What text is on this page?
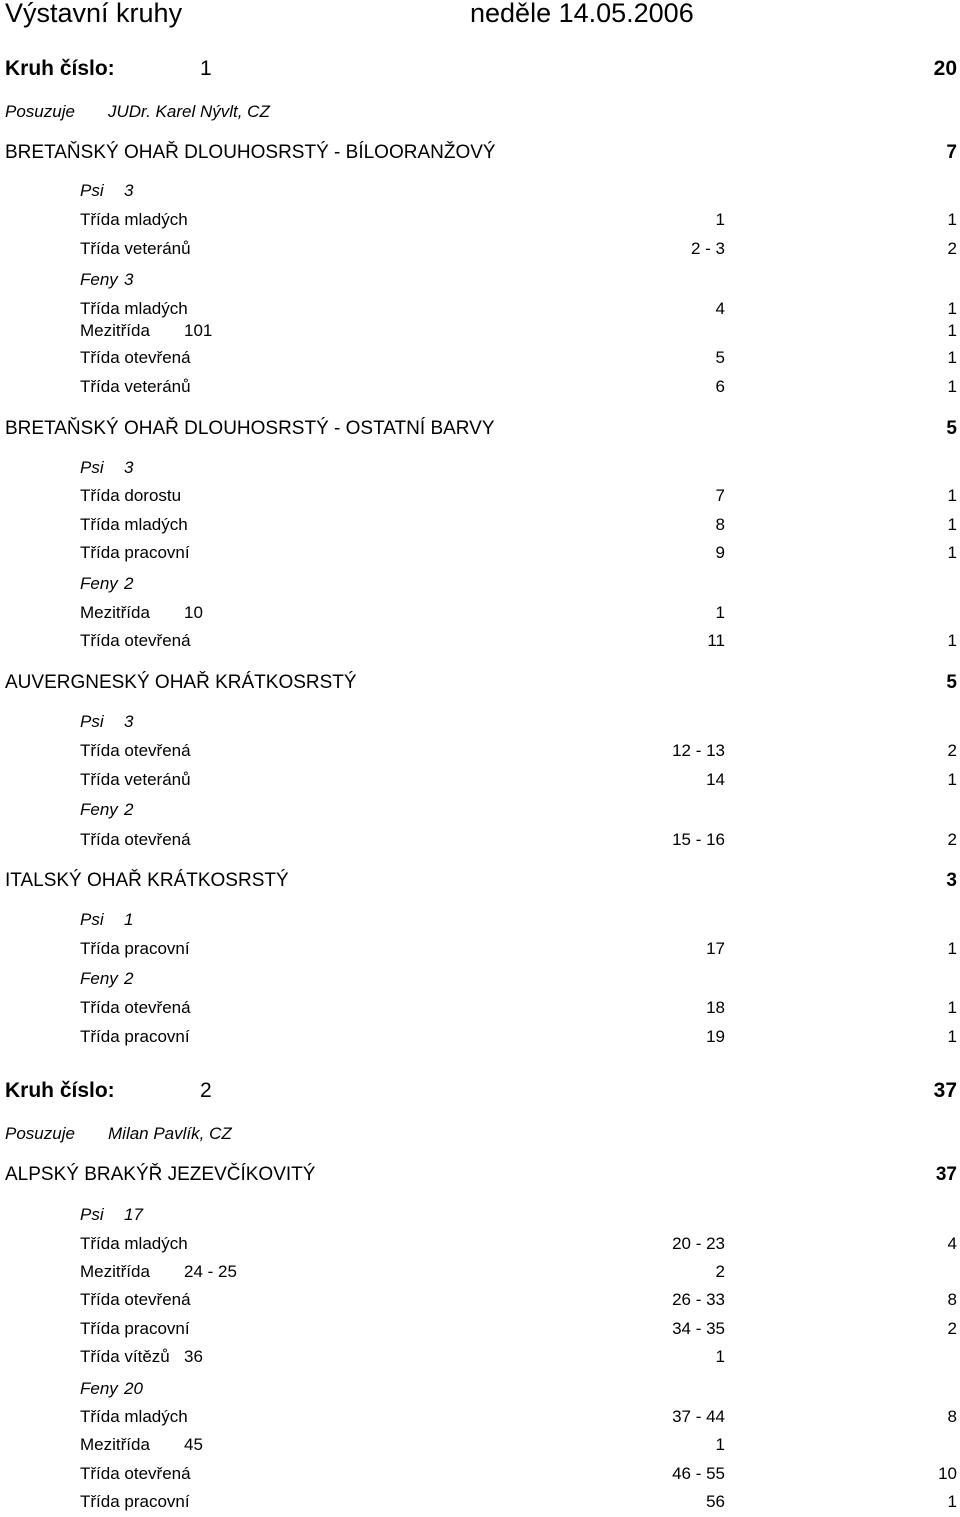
Výstavní kruhy	neděle 14.05.2006
Kruh číslo:	1	20
Posuzuje JUDr. Karel Nývlt, CZ
BRETAŇSKÝ OHAŘ DLOUHOSRSTÝ - BÍLOORANŽOVÝ	7
Psi 3
Třída mladých	1	1
Třída veteránů	2 - 3	2
Feny 3
Třída mladých	4	1
Mezitřída 101	1
Třída otevřená	5	1
Třída veteránů	6	1
BRETAŇSKÝ OHAŘ DLOUHOSRSTÝ - OSTATNÍ BARVY	5
Psi 3
Třída dorostu	7	1
Třída mladých	8	1
Třída pracovní	9	1
Feny 2
Mezitřída 10	1
Třída otevřená	11	1
AUVERGNESKÝ OHAŘ KRÁTKOSRSTÝ	5
Psi 3
Třída otevřená	12 - 13	2
Třída veteránů	14	1
Feny 2
Třída otevřená	15 - 16	2
ITALSKÝ OHAŘ KRÁTKOSRSTÝ	3
Psi 1
Třída pracovní	17	1
Feny 2
Třída otevřená	18	1
Třída pracovní	19	1
Kruh číslo:	2	37
Posuzuje Milan Pavlík, CZ
ALPSKÝ BRAKÝŘ JEZEVČÍKOVITÝ	37
Psi 17
Třída mladých	20 - 23	4
Mezitřída 24 - 25	2
Třída otevřená	26 - 33	8
Třída pracovní	34 - 35	2
Třída vítězů 36	1
Feny 20
Třída mladých	37 - 44	8
Mezitřída 45	1
Třída otevřená	46 - 55	10
Třída pracovní	56	1
